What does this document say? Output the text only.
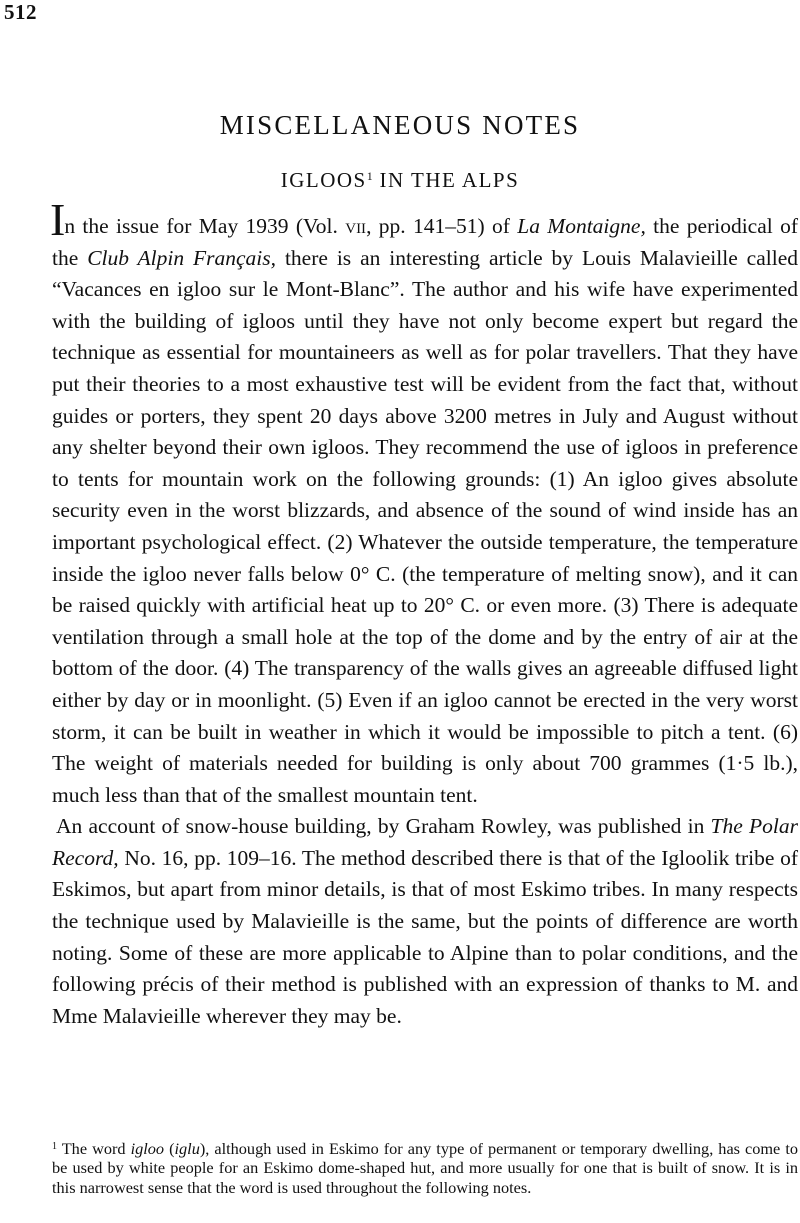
512
MISCELLANEOUS NOTES
IGLOOS$^1$ IN THE ALPS

In the issue for May 1939 (Vol. vii, pp. 141–51) of La Montaigne, the periodical of the Club Alpin Français, there is an interesting article by Louis Malavieille called “Vacances en igloo sur le Mont-Blanc”. The author and his wife have experimented with the building of igloos until they have not only become expert but regard the technique as essential for mountaineers as well as for polar travellers. That they have put their theories to a most exhaustive test will be evident from the fact that, without guides or porters, they spent 20 days above 3200 metres in July and August without any shelter beyond their own igloos. They recommend the use of igloos in preference to tents for mountain work on the following grounds: (1) An igloo gives absolute security even in the worst blizzards, and absence of the sound of wind inside has an important psychological effect. (2) Whatever the outside temperature, the temperature inside the igloo never falls below 0° C. (the temperature of melting snow), and it can be raised quickly with artificial heat up to 20° C. or even more. (3) There is adequate ventilation through a small hole at the top of the dome and by the entry of air at the bottom of the door. (4) The transparency of the walls gives an agreeable diffused light either by day or in moonlight. (5) Even if an igloo cannot be erected in the very worst storm, it can be built in weather in which it would be impossible to pitch a tent. (6) The weight of materials needed for building is only about 700 grammes (1·5 lb.), much less than that of the smallest mountain tent.

An account of snow-house building, by Graham Rowley, was published in The Polar Record, No. 16, pp. 109–16. The method described there is that of the Igloolik tribe of Eskimos, but apart from minor details, is that of most Eskimo tribes. In many respects the technique used by Malavieille is the same, but the points of difference are worth noting. Some of these are more applicable to Alpine than to polar conditions, and the following précis of their method is published with an expression of thanks to M. and Mme Malavieille wherever they may be.

$^1$ The word igloo (iglu), although used in Eskimo for any type of permanent or temporary dwelling, has come to be used by white people for an Eskimo dome-shaped hut, and more usually for one that is built of snow. It is in this narrowest sense that the word is used throughout the following notes.
